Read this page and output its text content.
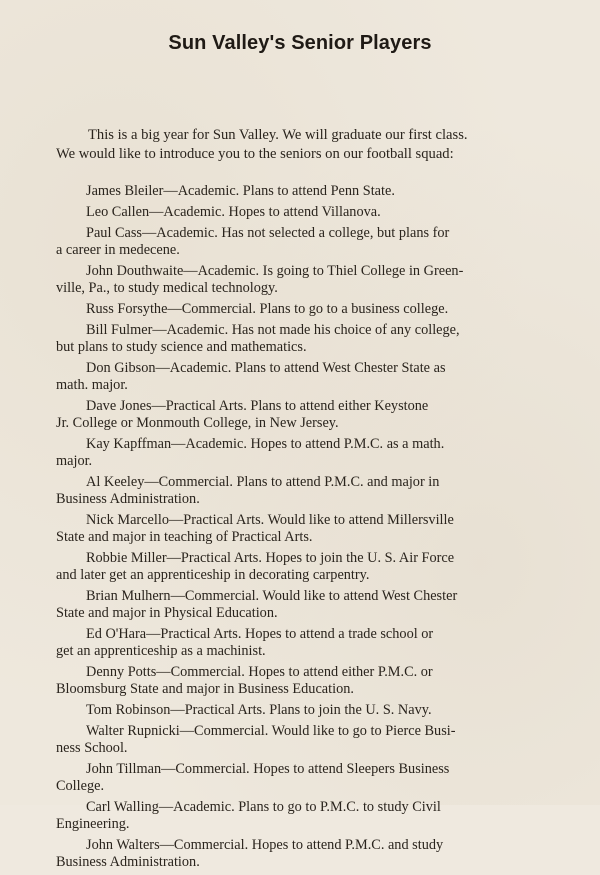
Sun Valley's Senior Players
This is a big year for Sun Valley. We will graduate our first class.
We would like to introduce you to the seniors on our football squad:
James Bleiler—Academic. Plans to attend Penn State.
Leo Callen—Academic. Hopes to attend Villanova.
Paul Cass—Academic. Has not selected a college, but plans for
a career in medecene.
John Douthwaite—Academic. Is going to Thiel College in Green-
ville, Pa., to study medical technology.
Russ Forsythe—Commercial. Plans to go to a business college.
Bill Fulmer—Academic. Has not made his choice of any college,
but plans to study science and mathematics.
Don Gibson—Academic. Plans to attend West Chester State as
math. major.
Dave Jones—Practical Arts. Plans to attend either Keystone
Jr. College or Monmouth College, in New Jersey.
Kay Kapffman—Academic. Hopes to attend P.M.C. as a math.
major.
Al Keeley—Commercial. Plans to attend P.M.C. and major in
Business Administration.
Nick Marcello—Practical Arts. Would like to attend Millersville
State and major in teaching of Practical Arts.
Robbie Miller—Practical Arts. Hopes to join the U. S. Air Force
and later get an apprenticeship in decorating carpentry.
Brian Mulhern—Commercial. Would like to attend West Chester
State and major in Physical Education.
Ed O'Hara—Practical Arts. Hopes to attend a trade school or
get an apprenticeship as a machinist.
Denny Potts—Commercial. Hopes to attend either P.M.C. or
Bloomsburg State and major in Business Education.
Tom Robinson—Practical Arts. Plans to join the U. S. Navy.
Walter Rupnicki—Commercial. Would like to go to Pierce Busi-
ness School.
John Tillman—Commercial. Hopes to attend Sleepers Business
College.
Carl Walling—Academic. Plans to go to P.M.C. to study Civil
Engineering.
John Walters—Commercial. Hopes to attend P.M.C. and study
Business Administration.
